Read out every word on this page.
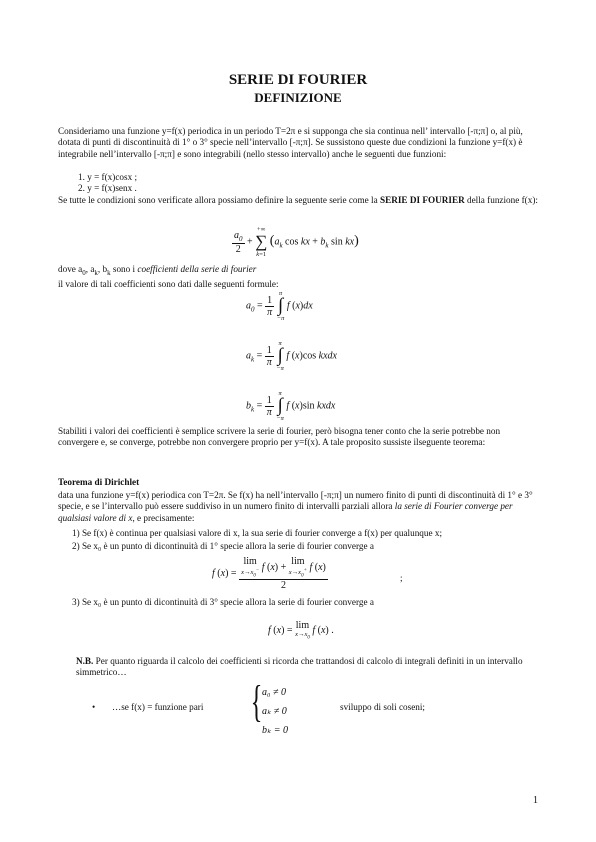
SERIE DI FOURIER
DEFINIZIONE

Consideriamo una funzione y=f(x) periodica in un periodo T=2π e si supponga che sia continua nell’ intervallo [-π;π] o, al più, dotata di punti di discontinuità di 1° o 3° specie nell’intervallo [-π;π]. Se sussistono queste due condizioni la funzione y=f(x) è integrabile nell’intervallo [-π;π] e sono integrabili (nello stesso intervallo) anche le seguenti due funzioni:

1. y = f(x)cosx ;
2. y = f(x)senx .

Se tutte le condizioni sono verificate allora possiamo definire la seguente serie come la SERIE DI FOURIER della funzione f(x):

$\frac{a_0}{2}$ +
+∞
∑
k=1
($a_k$ cos kx + $b_k$ sin kx)

dove $a_0$, $a_k$, $b_k$ sono i coefficienti della serie di fourier
il valore di tali coefficienti sono dati dalle seguenti formule:

$a_0 = \frac{1}{\pi}$

π
∫
−π
f (x)dx
$a_k = \frac{1}{\pi}$

π
∫
−π
f (x)cos kxdx
$b_k = \frac{1}{\pi}$

π
∫
−π
f (x)sin kxdx

Stabiliti i valori dei coefficienti è semplice scrivere la serie di fourier, però bisogna tener conto che la serie potrebbe non convergere e, se converge, potrebbe non convergere proprio per y=f(x). A tale proposito sussiste ilseguente teorema:

Teorema di Dirichlet

data una funzione y=f(x) periodica con T=2π. Se f(x) ha nell’intervallo [-π;π] un numero finito di punti di discontinuità di 1° e 3° specie, e se l’intervallo può essere suddiviso in un numero finito di intervalli parziali allora la serie di Fourier converge per qualsiasi valore di x, e precisamente:

1) Se f(x) è continua per qualsiasi valore di x, la sua serie di fourier converge a f(x) per qualunque x;

2) Se x₀ è un punto di dicontinuità di 1° specie allora la serie di fourier converge a

f (x) = lim
$x\to x_0^-$ f (x) +
lim
$x\to x_0^+$ f (x)
2	;

3) Se x₀ è un punto di dicontinuità di 3° specie allora la serie di fourier converge a

f (x) = lim
$x\to x_0$
f (x) .

N.B. Per quanto riguarda il calcolo dei coefficienti si ricorda che trattandosi di calcolo di integrali definiti in un intervallo simmetrico…

•	…se f(x) = funzione pari	{ a₀ ≠ 0
aₖ ≠ 0
bₖ = 0
sviluppo di soli coseni;
1
